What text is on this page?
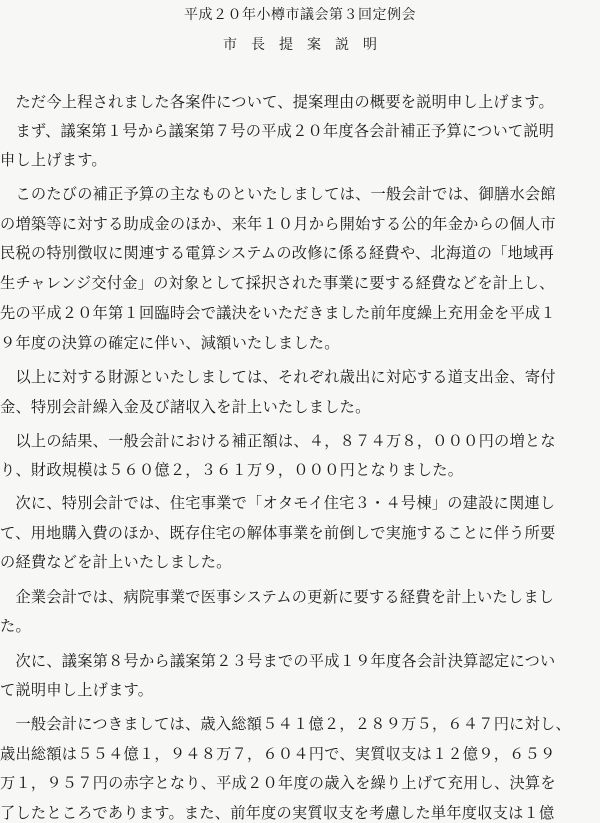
平成２０年小樽市議会第３回定例会
市長提案説明
　ただ今上程されました各案件について、提案理由の概要を説明申し上げます。
　まず、議案第１号から議案第７号の平成２０年度各会計補正予算について説明
申し上げます。
　このたびの補正予算の主なものといたしましては、一般会計では、御膳水会館
の増築等に対する助成金のほか、来年１０月から開始する公的年金からの個人市
民税の特別徴収に関連する電算システムの改修に係る経費や、北海道の「地域再
生チャレンジ交付金」の対象として採択された事業に要する経費などを計上し、
先の平成２０年第１回臨時会で議決をいただきました前年度繰上充用金を平成１
９年度の決算の確定に伴い、減額いたしました。
　以上に対する財源といたしましては、それぞれ歳出に対応する道支出金、寄付
金、特別会計繰入金及び諸収入を計上いたしました。
　以上の結果、一般会計における補正額は、４，８７４万８，０００円の増とな
り、財政規模は５６０億２，３６１万９，０００円となりました。
　次に、特別会計では、住宅事業で「オタモイ住宅３・４号棟」の建設に関連し
て、用地購入費のほか、既存住宅の解体事業を前倒しで実施することに伴う所要
の経費などを計上いたしました。
　企業会計では、病院事業で医事システムの更新に要する経費を計上いたしまし
た。
　次に、議案第８号から議案第２３号までの平成１９年度各会計決算認定につい
て説明申し上げます。
　一般会計につきましては、歳入総額５４１億２，２８９万５，６４７円に対し、
歳出総額は５５４億１，９４８万７，６０４円で、実質収支は１２億９，６５９
万１，９５７円の赤字となり、平成２０年度の歳入を繰り上げて充用し、決算を
了したところであります。また、前年度の実質収支を考慮した単年度収支は１億
